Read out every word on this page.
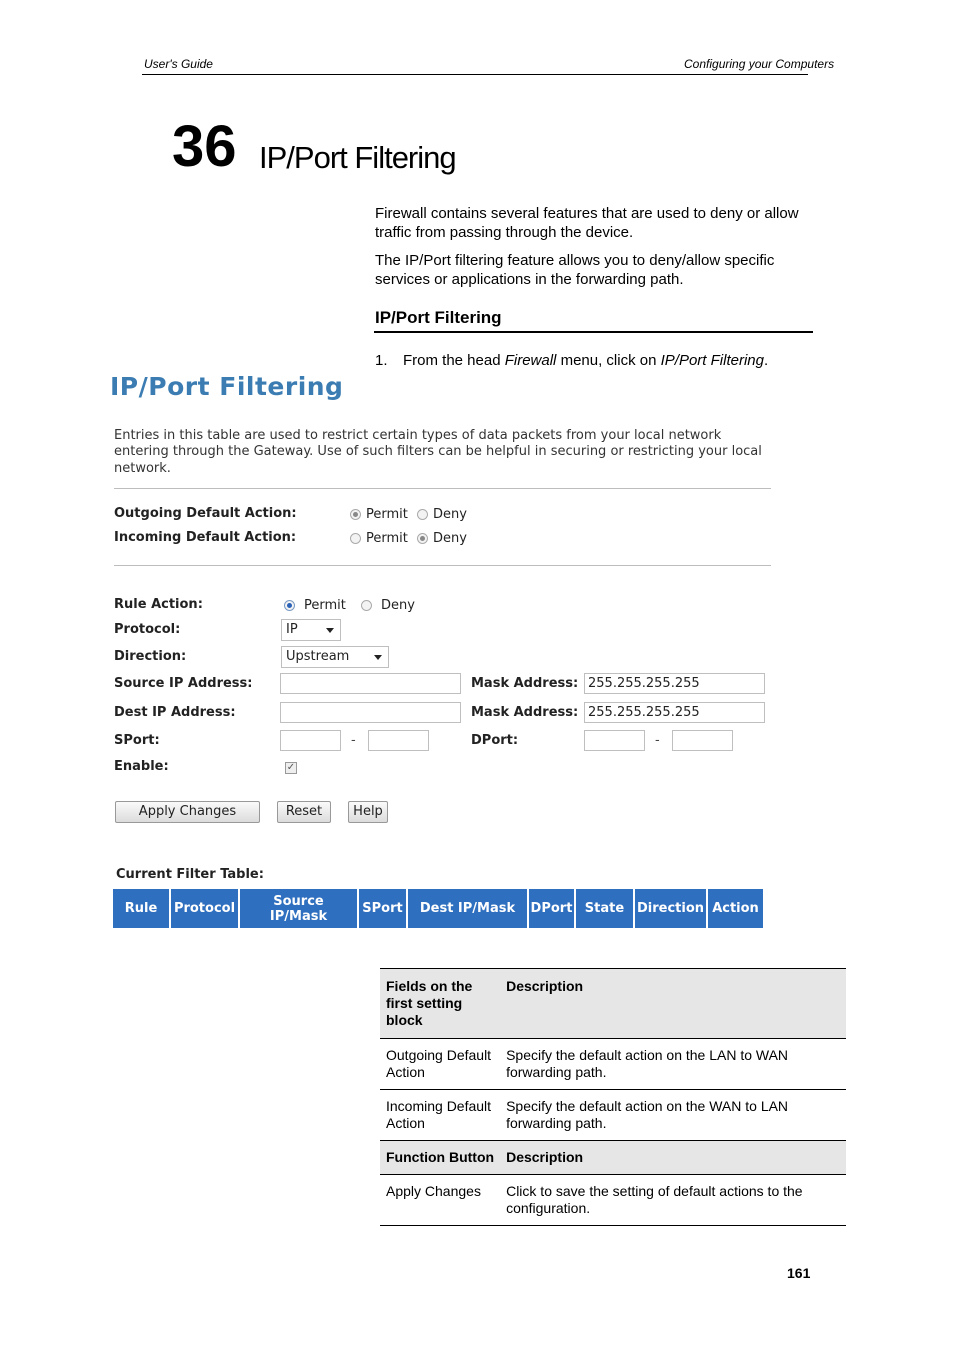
User's Guide	Configuring your Computers
36 IP/Port Filtering
Firewall contains several features that are used to deny or allow traffic from passing through the device.
The IP/Port filtering feature allows you to deny/allow specific services or applications in the forwarding path.
IP/Port Filtering
1. From the head Firewall menu, click on IP/Port Filtering.
IP/Port Filtering
Entries in this table are used to restrict certain types of data packets from your local network entering through the Gateway. Use of such filters can be helpful in securing or restricting your local network.
Outgoing Default Action:	Permit Deny
Incoming Default Action:	Permit Deny
Rule Action:	Permit	Deny
Protocol:	IP
Direction:	Upstream
Source IP Address:	Mask Address: 255.255.255.255
Dest IP Address:	Mask Address: 255.255.255.255
SPort:	-	DPort:	-
Enable:	✓
Apply Changes	Reset	Help
Current Filter Table:
Rule	Protocol	Source IP/Mask	SPort	Dest IP/Mask	DPort State Direction Action
Fields on the first setting block	Description
Outgoing Default Action	Specify the default action on the LAN to WAN forwarding path.
Incoming Default Action	Specify the default action on the WAN to LAN forwarding path.
Function Button	Description
Apply Changes	Click to save the setting of default actions to the configuration.
161
